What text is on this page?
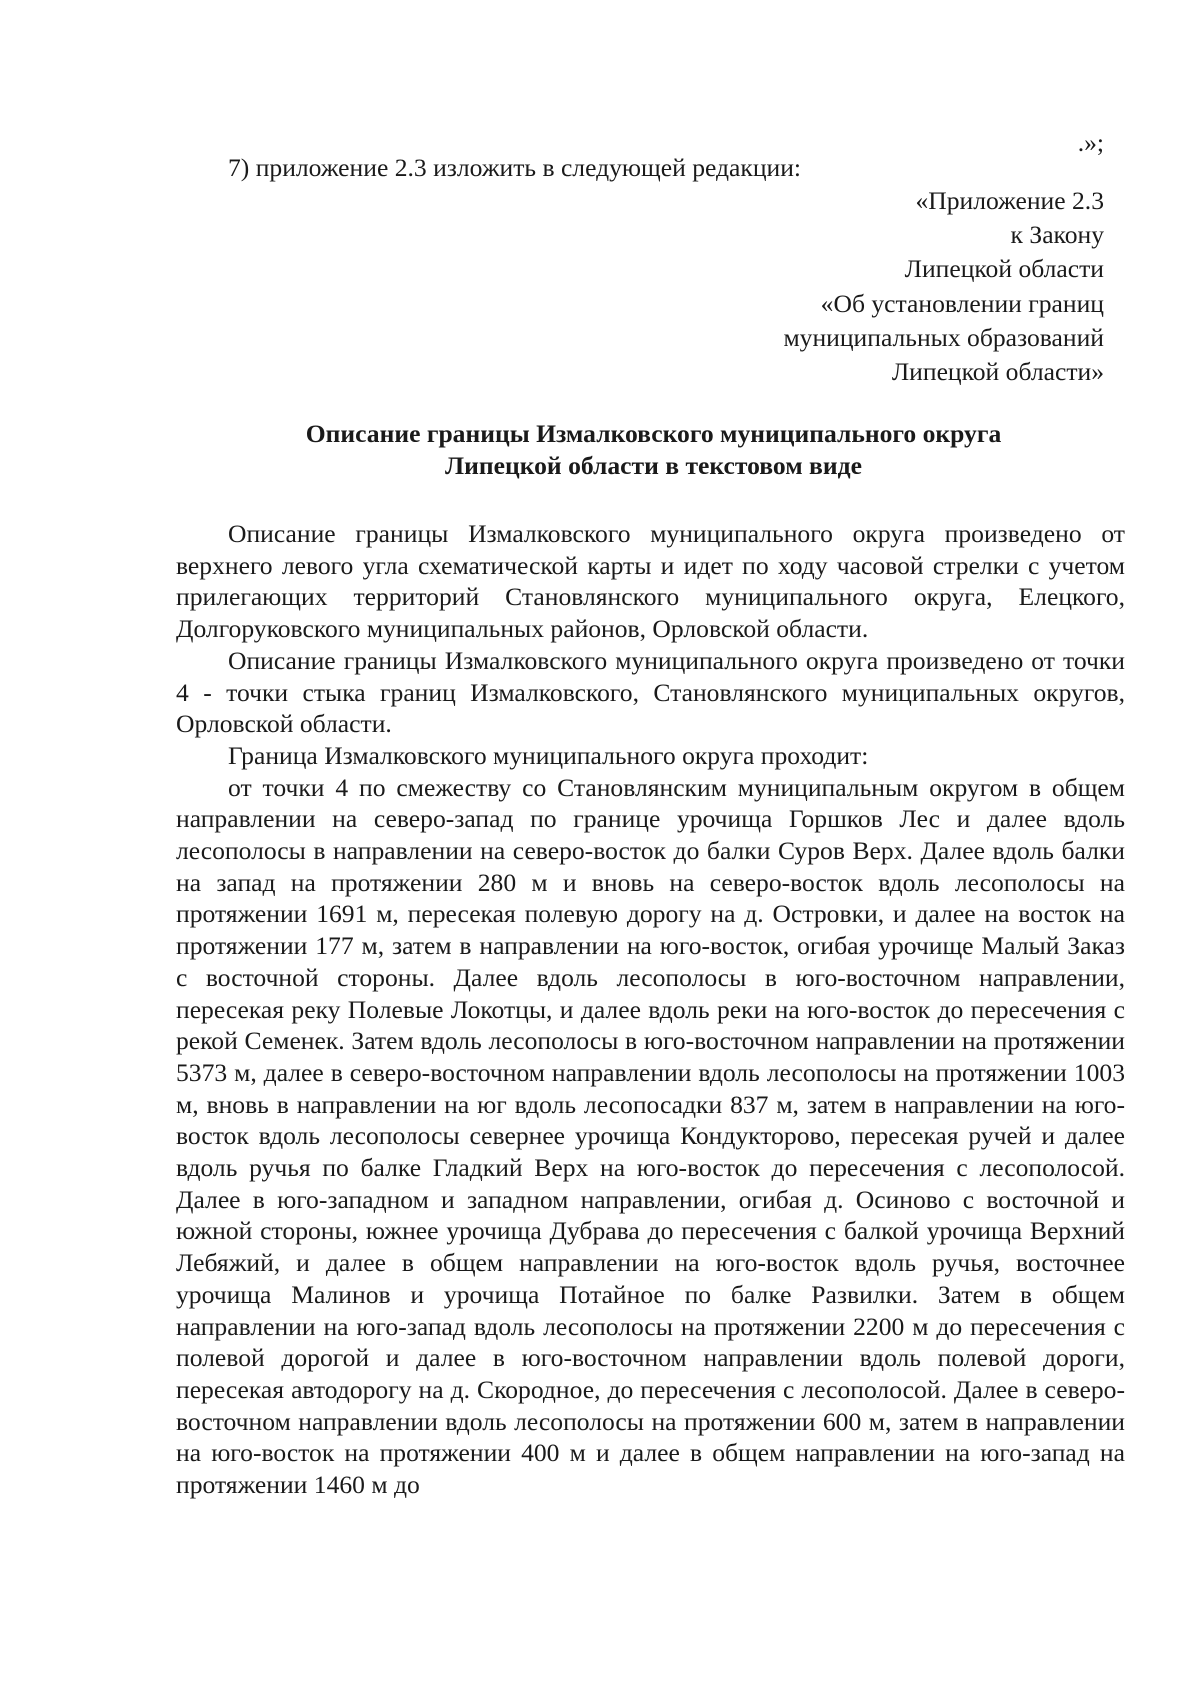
.»;
7) приложение 2.3 изложить в следующей редакции:
«Приложение 2.3
к Закону
Липецкой области
«Об установлении границ
муниципальных образований
Липецкой области»
Описание границы Измалковского муниципального округа
Липецкой области в текстовом виде

Описание границы Измалковского муниципального округа произведено от верхнего левого угла схематической карты и идет по ходу часовой стрелки с учетом прилегающих территорий Становлянского муниципального округа, Елецкого, Долгоруковского муниципальных районов, Орловской области.

Описание границы Измалковского муниципального округа произведено от точки 4 - точки стыка границ Измалковского, Становлянского муниципальных округов, Орловской области.

Граница Измалковского муниципального округа проходит:

от точки 4 по смежеству со Становлянским муниципальным округом в общем направлении на северо-запад по границе урочища Горшков Лес и далее вдоль лесополосы в направлении на северо-восток до балки Суров Верх. Далее вдоль балки на запад на протяжении 280 м и вновь на северо-восток вдоль лесополосы на протяжении 1691 м, пересекая полевую дорогу на д. Островки, и далее на восток на протяжении 177 м, затем в направлении на юго-восток, огибая урочище Малый Заказ с восточной стороны. Далее вдоль лесополосы в юго-восточном направлении, пересекая реку Полевые Локотцы, и далее вдоль реки на юго-восток до пересечения с рекой Семенек. Затем вдоль лесополосы в юго-восточном направлении на протяжении 5373 м, далее в северо-восточном направлении вдоль лесополосы на протяжении 1003 м, вновь в направлении на юг вдоль лесопосадки 837 м, затем в направлении на юго-восток вдоль лесополосы севернее урочища Кондукторово, пересекая ручей и далее вдоль ручья по балке Гладкий Верх на юго-восток до пересечения с лесополосой. Далее в юго-западном и западном направлении, огибая д. Осиново с восточной и южной стороны, южнее урочища Дубрава до пересечения с балкой урочища Верхний Лебяжий, и далее в общем направлении на юго-восток вдоль ручья, восточнее урочища Малинов и урочища Потайное по балке Развилки. Затем в общем направлении на юго-запад вдоль лесополосы на протяжении 2200 м до пересечения с полевой дорогой и далее в юго-восточном направлении вдоль полевой дороги, пересекая автодорогу на д. Скородное, до пересечения с лесополосой. Далее в северо-восточном направлении вдоль лесополосы на протяжении 600 м, затем в направлении на юго-восток на протяжении 400 м и далее в общем направлении на юго-запад на протяжении 1460 м до
